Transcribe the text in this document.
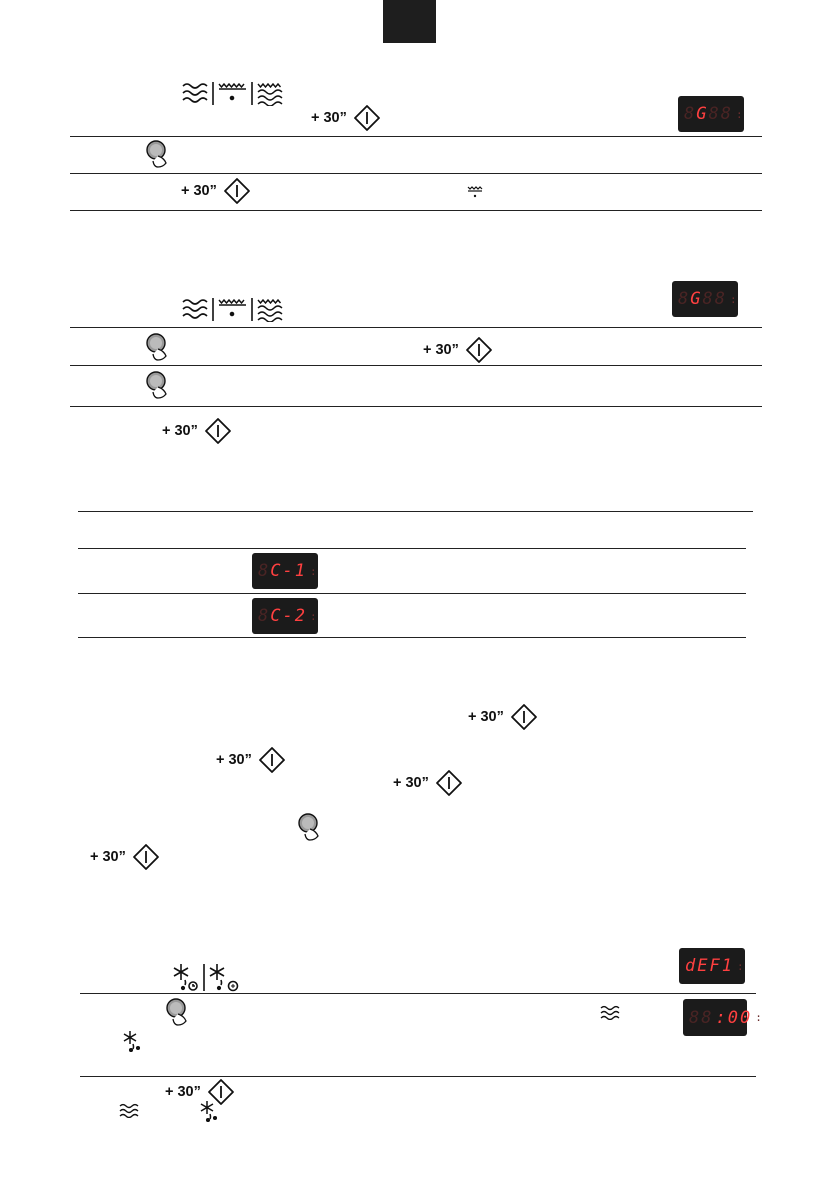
+ 30”	8 G 88 :
+ 30”
8 G 88 :
+ 30”
+ 30”
8 C -1 :
8 C -2 :
+ 30”
+ 30”
+ 30”
+ 30”
dEF1 :
88 : 00 :
+ 30”
